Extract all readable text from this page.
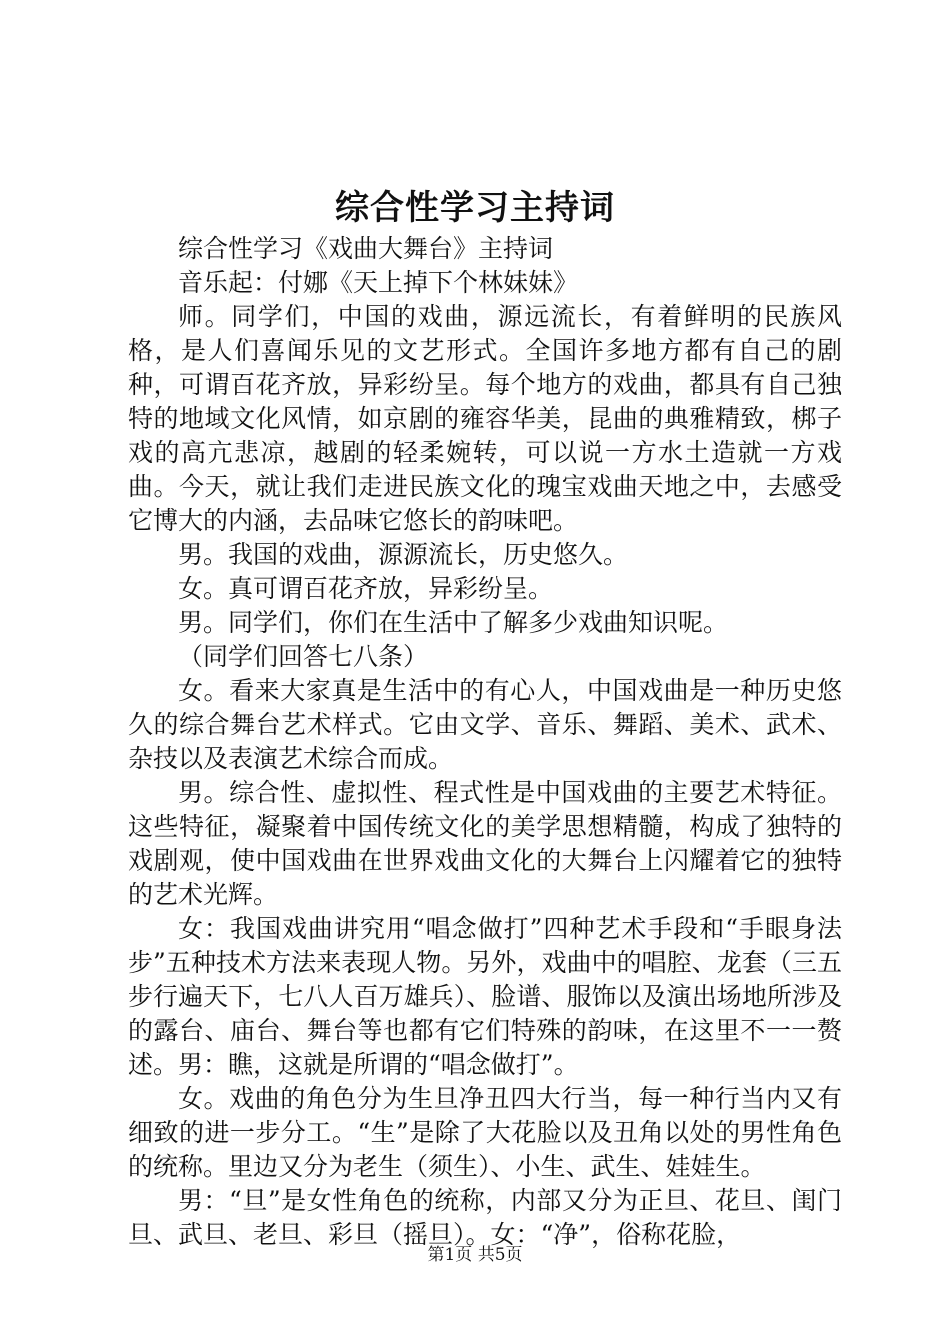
综合性学习主持词

综合性学习《戏曲大舞台》主持词

音乐起：付娜《天上掉下个林妹妹》

师。同学们，中国的戏曲，源远流长，有着鲜明的民族风格，是人们喜闻乐见的文艺形式。全国许多地方都有自己的剧种，可谓百花齐放，异彩纷呈。每个地方的戏曲，都具有自己独特的地域文化风情，如京剧的雍容华美，昆曲的典雅精致，梆子戏的高亢悲凉，越剧的轻柔婉转，可以说一方水土造就一方戏曲。今天，就让我们走进民族文化的瑰宝戏曲天地之中，去感受它博大的内涵，去品味它悠长的韵味吧。

男。我国的戏曲，源源流长，历史悠久。

女。真可谓百花齐放，异彩纷呈。

男。同学们，你们在生活中了解多少戏曲知识呢。

（同学们回答七八条）

女。看来大家真是生活中的有心人，中国戏曲是一种历史悠久的综合舞台艺术样式。它由文学、音乐、舞蹈、美术、武术、杂技以及表演艺术综合而成。

男。综合性、虚拟性、程式性是中国戏曲的主要艺术特征。这些特征，凝聚着中国传统文化的美学思想精髓，构成了独特的戏剧观，使中国戏曲在世界戏曲文化的大舞台上闪耀着它的独特的艺术光辉。

女：我国戏曲讲究用“唱念做打”四种艺术手段和“手眼身法步”五种技术方法来表现人物。另外，戏曲中的唱腔、龙套（三五步行遍天下，七八人百万雄兵）、脸谱、服饰以及演出场地所涉及的露台、庙台、舞台等也都有它们特殊的韵味，在这里不一一赘述。男：瞧，这就是所谓的“唱念做打”。

女。戏曲的角色分为生旦净丑四大行当，每一种行当内又有细致的进一步分工。“生”是除了大花脸以及丑角以处的男性角色的统称。里边又分为老生（须生）、小生、武生、娃娃生。

男：“旦”是女性角色的统称，内部又分为正旦、花旦、闺门旦、武旦、老旦、彩旦（摇旦）。女：“净”，俗称花脸，

第1页 共5页
